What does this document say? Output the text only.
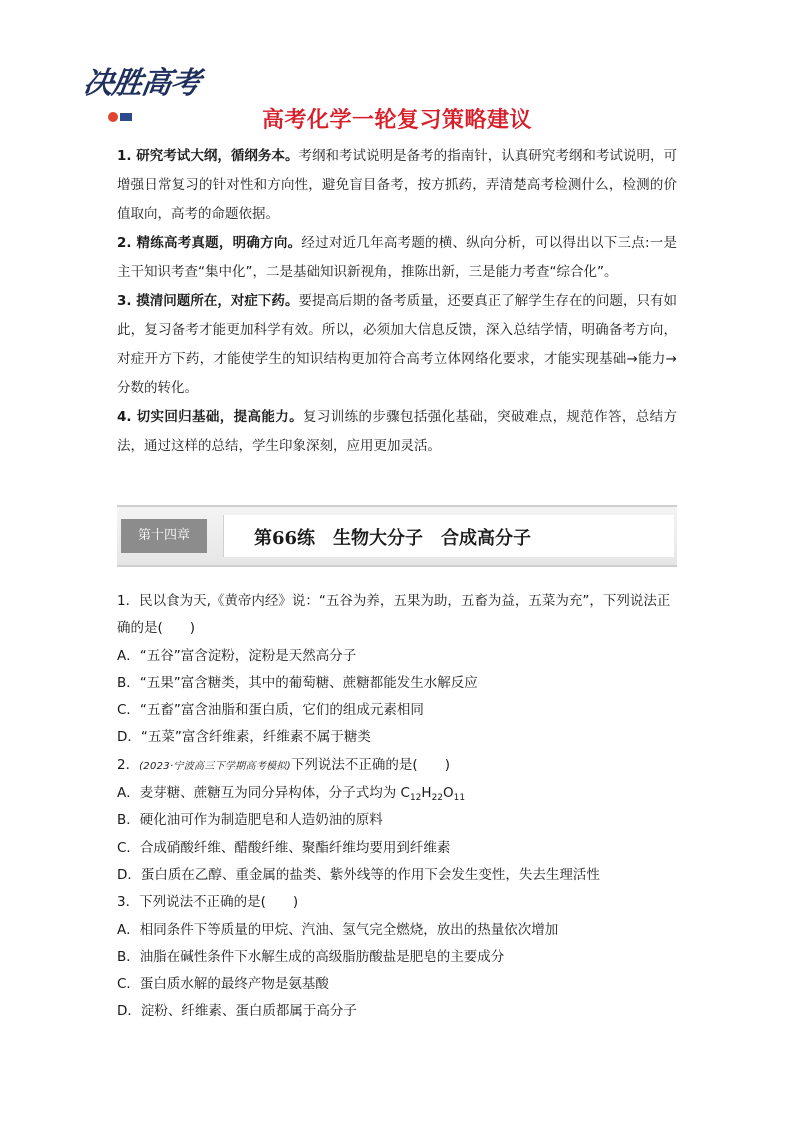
决胜高考
高考化学一轮复习策略建议

1. 研究考试大纲，循纲务本。考纲和考试说明是备考的指南针，认真研究考纲和考试说明，可增强日常复习的针对性和方向性，避免盲目备考，按方抓药，弄清楚高考检测什么，检测的价值取向，高考的命题依据。

2. 精练高考真题，明确方向。经过对近几年高考题的横、纵向分析，可以得出以下三点:一是主干知识考查“集中化”，二是基础知识新视角，推陈出新，三是能力考查“综合化”。

3. 摸清问题所在，对症下药。要提高后期的备考质量，还要真正了解学生存在的问题，只有如此，复习备考才能更加科学有效。所以，必须加大信息反馈，深入总结学情，明确备考方向，对症开方下药，才能使学生的知识结构更加符合高考立体网络化要求，才能实现基础→能力→分数的转化。

4. 切实回归基础，提高能力。复习训练的步骤包括强化基础，突破难点，规范作答，总结方法，通过这样的总结，学生印象深刻，应用更加灵活。

第十四章	第66练　生物大分子　合成高分子

1．民以食为天,《黄帝内经》说：“五谷为养，五果为助，五畜为益，五菜为充”，下列说法正确的是(　　)

A．“五谷”富含淀粉，淀粉是天然高分子

B．“五果”富含糖类，其中的葡萄糖、蔗糖都能发生水解反应

C．“五畜”富含油脂和蛋白质，它们的组成元素相同

D．“五菜”富含纤维素，纤维素不属于糖类

2．(2023·宁波高三下学期高考模拟)下列说法不正确的是(　　)

A．麦芽糖、蔗糖互为同分异构体，分子式均为 $C_{12}H_{22}O_{11}$

B．硬化油可作为制造肥皂和人造奶油的原料

C．合成硝酸纤维、醋酸纤维、聚酯纤维均要用到纤维素

D．蛋白质在乙醇、重金属的盐类、紫外线等的作用下会发生变性，失去生理活性

3．下列说法不正确的是(　　)

A．相同条件下等质量的甲烷、汽油、氢气完全燃烧，放出的热量依次增加

B．油脂在碱性条件下水解生成的高级脂肪酸盐是肥皂的主要成分

C．蛋白质水解的最终产物是氨基酸

D．淀粉、纤维素、蛋白质都属于高分子
